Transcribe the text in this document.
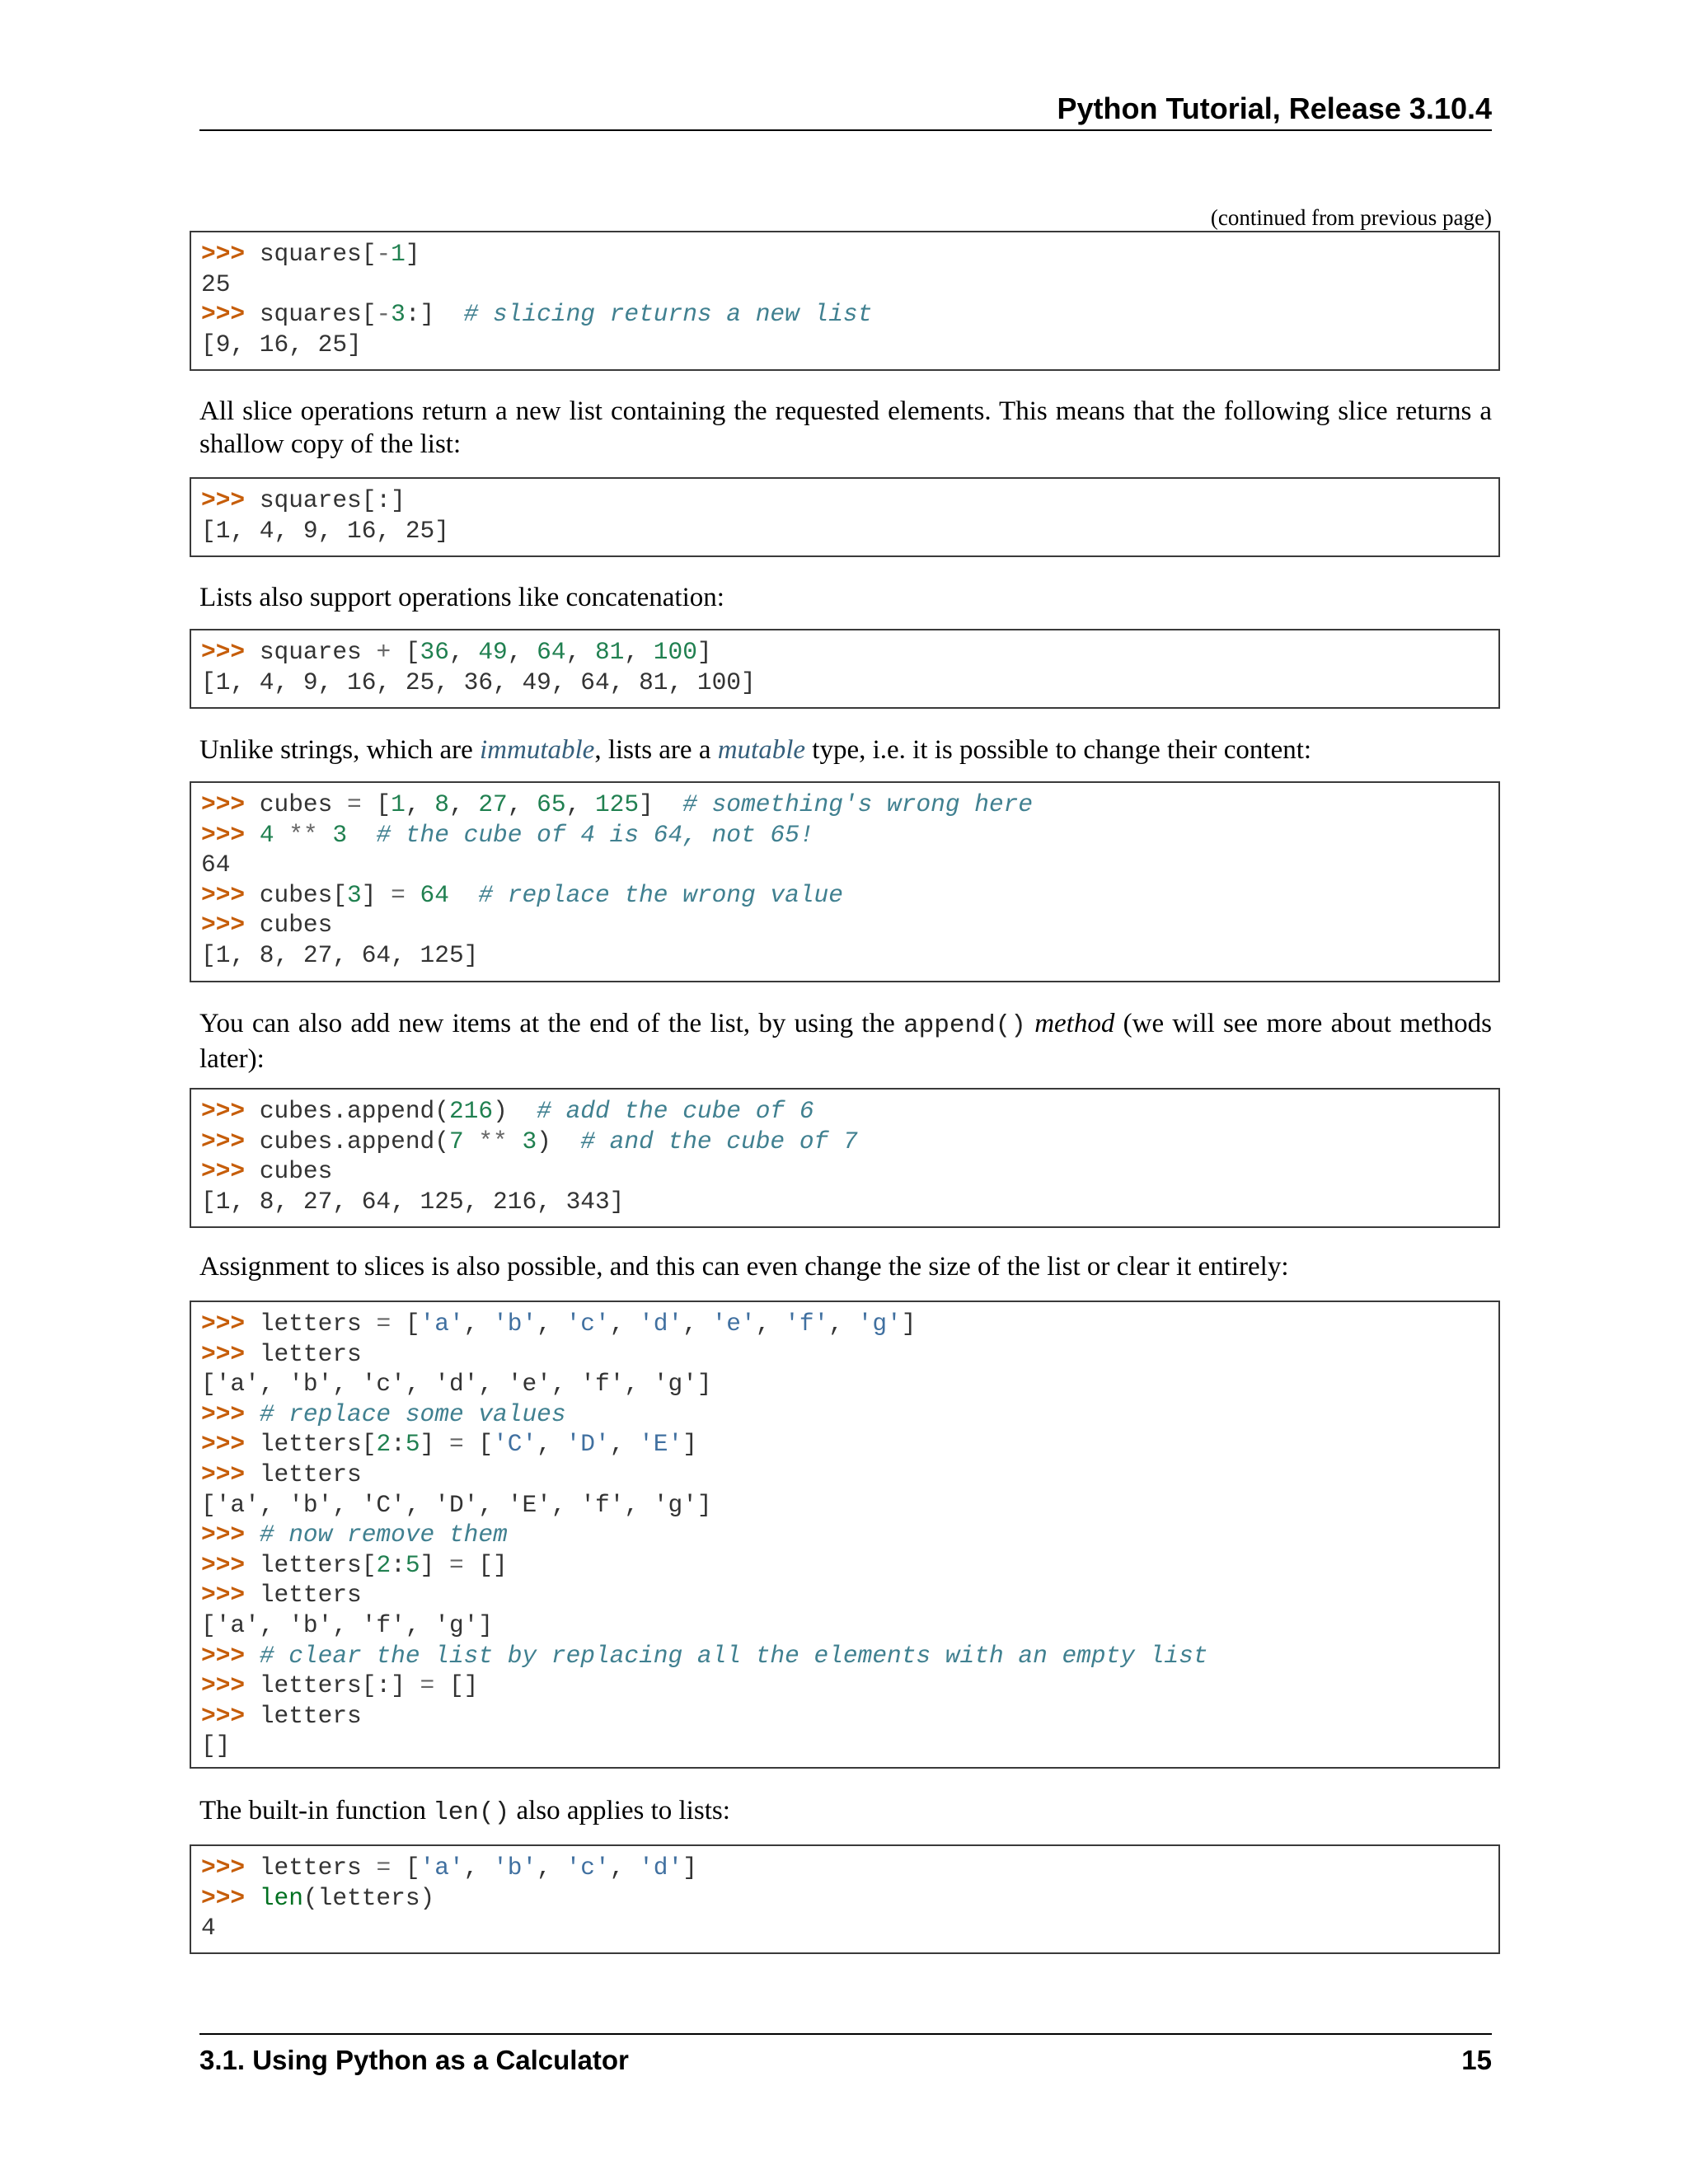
Python Tutorial, Release 3.10.4
(continued from previous page)
>>> squares[-1]
25
>>> squares[-3:]  # slicing returns a new list
[9, 16, 25]
All slice operations return a new list containing the requested elements. This means that the following slice returns a shallow copy of the list:
>>> squares[:]
[1, 4, 9, 16, 25]
Lists also support operations like concatenation:
>>> squares + [36, 49, 64, 81, 100]
[1, 4, 9, 16, 25, 36, 49, 64, 81, 100]
Unlike strings, which are immutable, lists are a mutable type, i.e. it is possible to change their content:
>>> cubes = [1, 8, 27, 65, 125]  # something's wrong here
>>> 4 ** 3 # the cube of 4 is 64, not 65!
64
>>> cubes[3] = 64 # replace the wrong value
>>> cubes
[1, 8, 27, 64, 125]
You can also add new items at the end of the list, by using the append() method (we will see more about methods later):
>>> cubes.append(216)  # add the cube of 6
>>> cubes.append(7 ** 3)  # and the cube of 7
>>> cubes
[1, 8, 27, 64, 125, 216, 343]
Assignment to slices is also possible, and this can even change the size of the list or clear it entirely:
>>> letters = ['a', 'b', 'c', 'd', 'e', 'f', 'g']
>>> letters
['a', 'b', 'c', 'd', 'e', 'f', 'g']
>>> # replace some values
>>> letters[2:5] = ['C', 'D', 'E']
>>> letters
['a', 'b', 'C', 'D', 'E', 'f', 'g']
>>> # now remove them
>>> letters[2:5] = []
>>> letters
['a', 'b', 'f', 'g']
>>> # clear the list by replacing all the elements with an empty list
>>> letters[:] = []
>>> letters
[]
The built-in function len() also applies to lists:
>>> letters = ['a', 'b', 'c', 'd']
>>> len(letters)
4
3.1. Using Python as a Calculator	15
